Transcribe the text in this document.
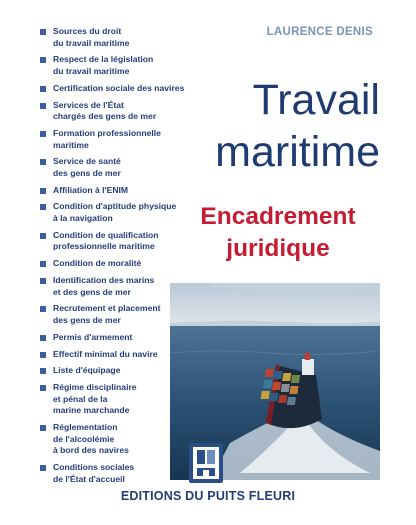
Sources du droit
du travail maritime
Respect de la législation
du travail maritime
Certification sociale des navires
Services de l'État
chargés des gens de mer
Formation professionnelle
maritime
Service de santé
des gens de mer
Affiliation à l'ENIM
Condition d'aptitude physique
à la navigation
Condition de qualification
professionnelle maritime
Condition de moralité
Identification des marins
et des gens de mer
Recrutement et placement
des gens de mer
Permis d'armement
Effectif minimal du navire
Liste d'équipage
Régime disciplinaire
et pénal de la
marine marchande
Réglementation
de l'alcoolémie
à bord des navires
Conditions sociales
de l'État d'accueil
LAURENCE DENIS
Travail
maritime
Encadrement
juridique
EDITIONS DU PUITS FLEURI
